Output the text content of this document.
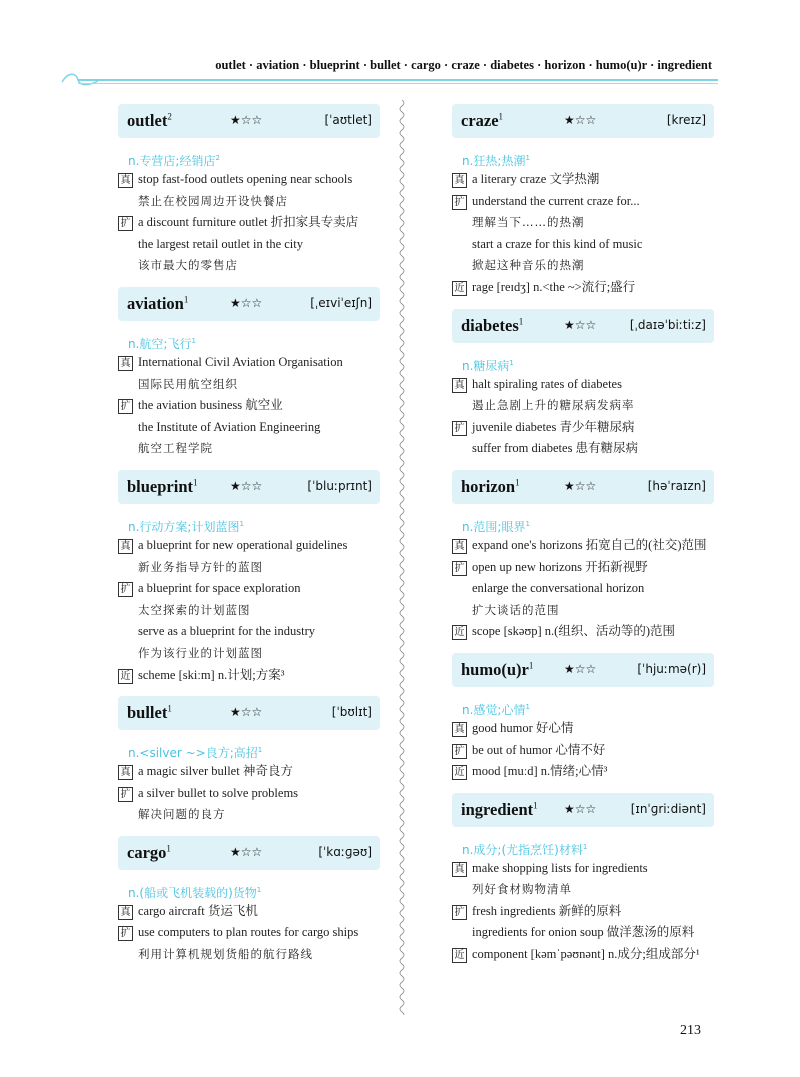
outlet · aviation · blueprint · bullet · cargo · craze · diabetes · horizon · humo(u)r · ingredient
outlet$^2$	★☆☆	[ˈaʊtlet]
n.专营店;经销店$^2$
真 stop fast-food outlets opening near schools
禁止在校园周边开设快餐店
扩 a discount furniture outlet 折扣家具专卖店
the largest retail outlet in the city
该市最大的零售店
aviation$^1$	★☆☆	[ˌeɪviˈeɪʃn]
n.航空;飞行$^1$
真 International Civil Aviation Organisation
国际民用航空组织
扩 the aviation business 航空业
the Institute of Aviation Engineering
航空工程学院
blueprint$^1$	★☆☆	[ˈbluːprɪnt]
n.行动方案;计划蓝图$^1$
真 a blueprint for new operational guidelines
新业务指导方针的蓝图
扩 a blueprint for space exploration
太空探索的计划蓝图
serve as a blueprint for the industry
作为该行业的计划蓝图
近 scheme [skiːm] n.计划;方案³
bullet$^1$	★☆☆	[ˈbʊlɪt]
n.<silver ~>良方;高招$^1$
真 a magic silver bullet 神奇良方
扩 a silver bullet to solve problems
解决问题的良方
cargo$^1$	★☆☆	[ˈkɑːɡəʊ]
n.(船或飞机装载的)货物$^1$
真 cargo aircraft 货运飞机
扩 use computers to plan routes for cargo ships
利用计算机规划货船的航行路线
craze$^1$	★☆☆	[kreɪz]
n.狂热;热潮$^1$
真 a literary craze 文学热潮
扩 understand the current craze for...
理解当下……的热潮
start a craze for this kind of music
掀起这种音乐的热潮
近 rage [reɪdʒ] n.<the ~>流行;盛行
diabetes$^1$	★☆☆	[ˌdaɪəˈbiːtiːz]
n.糖尿病$^1$
真 halt spiraling rates of diabetes
遏止急剧上升的糖尿病发病率
扩 juvenile diabetes 青少年糖尿病
suffer from diabetes 患有糖尿病
horizon$^1$	★☆☆	[həˈraɪzn]
n.范围;眼界$^1$
真 expand one's horizons 拓宽自己的(社交)范围
扩 open up new horizons 开拓新视野
enlarge the conversational horizon
扩大谈话的范围
近 scope [skəʊp] n.(组织、活动等的)范围
$humo(u)r^1$	★☆☆	[ˈhjuːmə(r)]
n.感觉;心情$^1$
真 good humor 好心情
扩 be out of humor 心情不好
近 mood [muːd] n.情绪;心情³
ingredient$^1$ ★☆☆	[ɪnˈɡriːdiənt]
n.成分;(尤指烹饪)材料$^1$
真 make shopping lists for ingredients
列好食材购物清单
扩 fresh ingredients 新鲜的原料
ingredients for onion soup 做洋葱汤的原料
近 component [kəmˈpəʊnənt] n.成分;组成部分¹
213
